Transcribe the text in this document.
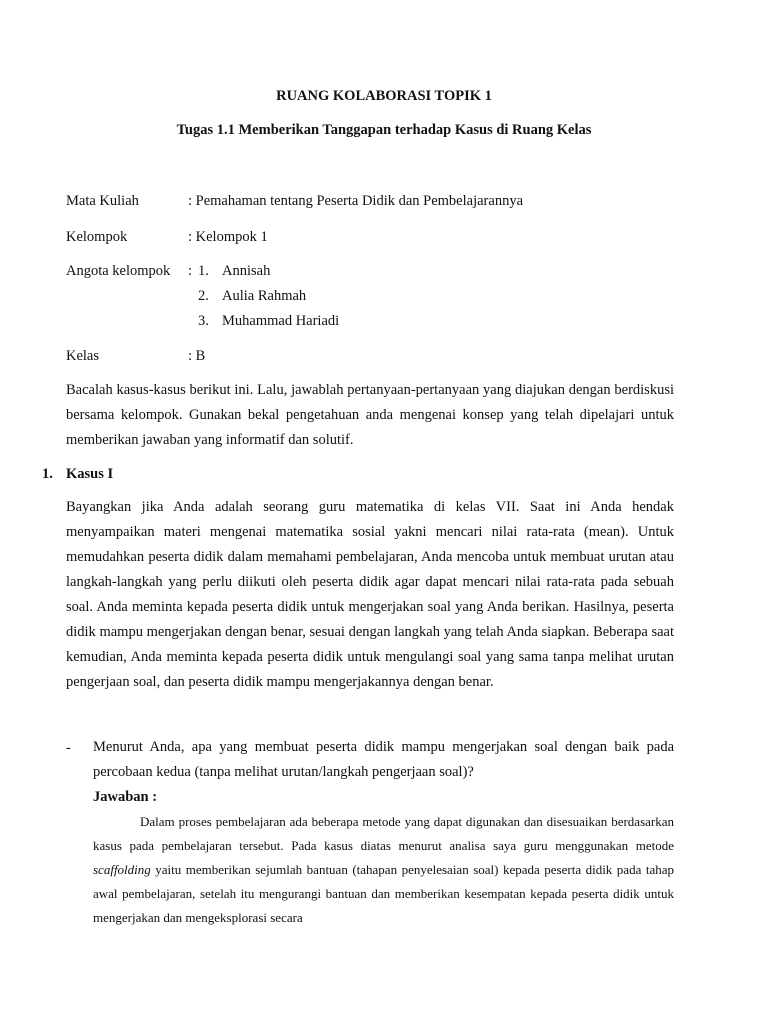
RUANG KOLABORASI TOPIK 1
Tugas 1.1 Memberikan Tanggapan terhadap Kasus di Ruang Kelas
Mata Kuliah	: Pemahaman tentang Peserta Didik dan Pembelajarannya
Kelompok	: Kelompok 1
Angota kelompok : 1. Annisah
2. Aulia Rahmah
3. Muhammad Hariadi
Kelas	: B
Bacalah kasus-kasus berikut ini. Lalu, jawablah pertanyaan-pertanyaan yang diajukan dengan berdiskusi bersama kelompok. Gunakan bekal pengetahuan anda mengenai konsep yang telah dipelajari untuk memberikan jawaban yang informatif dan solutif.
1. Kasus I
Bayangkan jika Anda adalah seorang guru matematika di kelas VII. Saat ini Anda hendak menyampaikan materi mengenai matematika sosial yakni mencari nilai rata-rata (mean). Untuk memudahkan peserta didik dalam memahami pembelajaran, Anda mencoba untuk membuat urutan atau langkah-langkah yang perlu diikuti oleh peserta didik agar dapat mencari nilai rata-rata pada sebuah soal. Anda meminta kepada peserta didik untuk mengerjakan soal yang Anda berikan. Hasilnya, peserta didik mampu mengerjakan dengan benar, sesuai dengan langkah yang telah Anda siapkan. Beberapa saat kemudian, Anda meminta kepada peserta didik untuk mengulangi soal yang sama tanpa melihat urutan pengerjaan soal, dan peserta didik mampu mengerjakannya dengan benar.
- Menurut Anda, apa yang membuat peserta didik mampu mengerjakan soal dengan baik pada percobaan kedua (tanpa melihat urutan/langkah pengerjaan soal)?
Jawaban :
Dalam proses pembelajaran ada beberapa metode yang dapat digunakan dan disesuaikan berdasarkan kasus pada pembelajaran tersebut. Pada kasus diatas menurut analisa saya guru menggunakan metode scaffolding yaitu memberikan sejumlah bantuan (tahapan penyelesaian soal) kepada peserta didik pada tahap awal pembelajaran, setelah itu mengurangi bantuan dan memberikan kesempatan kepada peserta didik untuk mengerjakan dan mengeksplorasi secara
